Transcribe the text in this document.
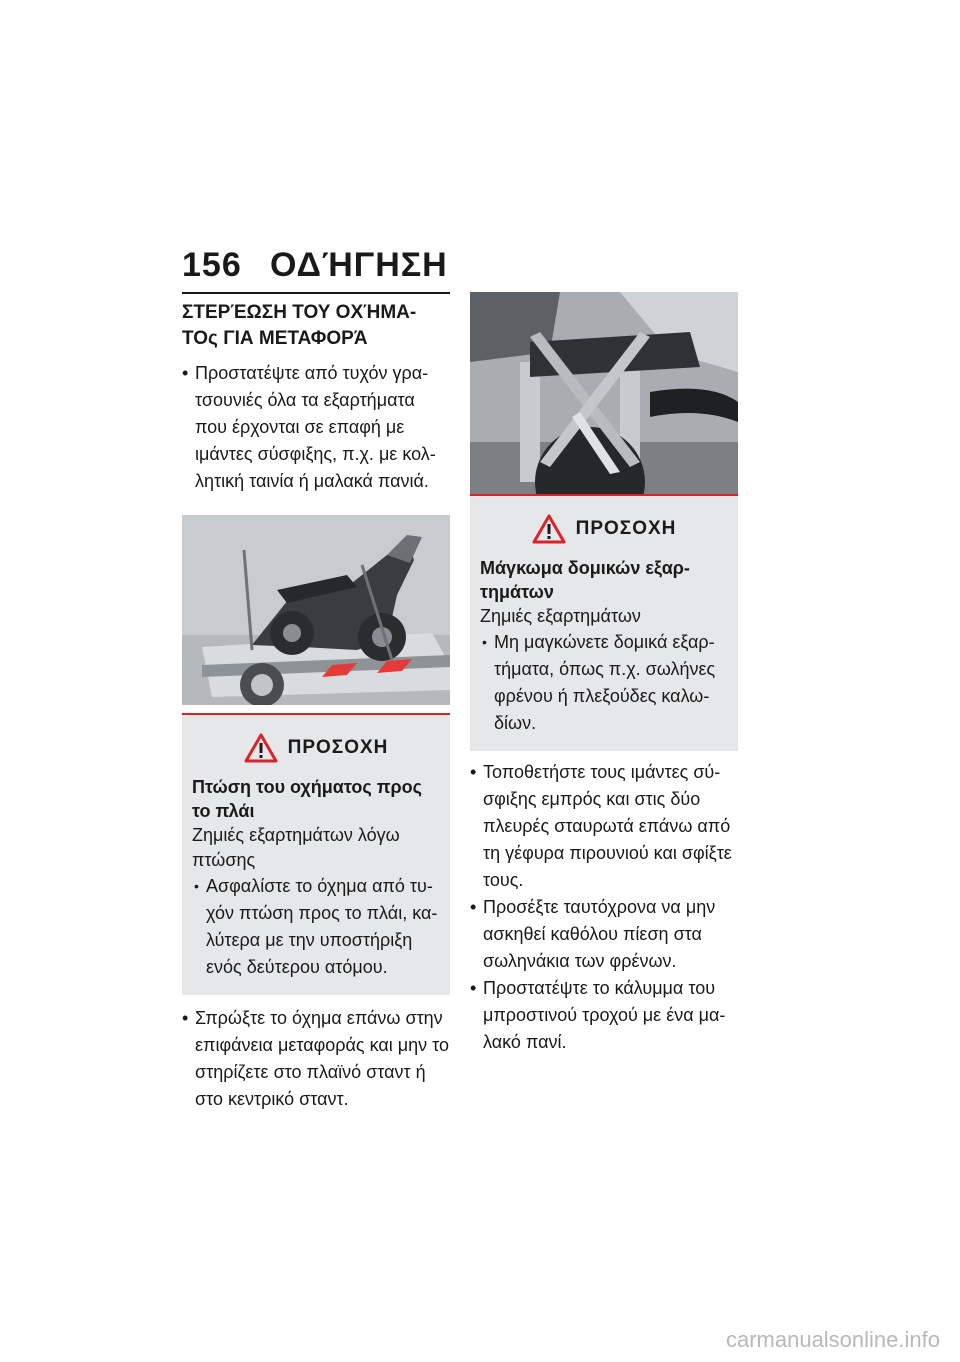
156 ΟΔΉΓΗΣΗ
ΣΤΕΡΈΩΣΗ ΤΟΥ ΟΧΉΜΑ-ΤΟς ΓΙΑ ΜΕΤΑΦΟΡΆ
• Προστατέψτε από τυχόν γρα-τσουνιές όλα τα εξαρτήματα που έρχονται σε επαφή με ιμάντες σύσφιξης, π.χ. με κολ-λητική ταινία ή μαλακά πανιά.
ΠΡΟΣΟΧΗ
Πτώση του οχήματος προς το πλάι
Ζημιές εξαρτημάτων λόγω πτώσης
• Ασφαλίστε το όχημα από τυ-χόν πτώση προς το πλάι, κα-λύτερα με την υποστήριξη ενός δεύτερου ατόμου.
• Σπρώξτε το όχημα επάνω στην επιφάνεια μεταφοράς και μην το στηρίζετε στο πλαϊνό σταντ ή στο κεντρικό σταντ.
ΠΡΟΣΟΧΗ
Μάγκωμα δομικών εξαρ-τημάτων
Ζημιές εξαρτημάτων
• Μη μαγκώνετε δομικά εξαρ-τήματα, όπως π.χ. σωλήνες φρένου ή πλεξούδες καλω-δίων.
• Τοποθετήστε τους ιμάντες σύ-σφιξης εμπρός και στις δύο πλευρές σταυρωτά επάνω από τη γέφυρα πιρουνιού και σφίξτε τους.
• Προσέξτε ταυτόχρονα να μην ασκηθεί καθόλου πίεση στα σωληνάκια των φρένων.
• Προστατέψτε το κάλυμμα του μπροστινού τροχού με ένα μα-λακό πανί.
carmanualsonline.info
